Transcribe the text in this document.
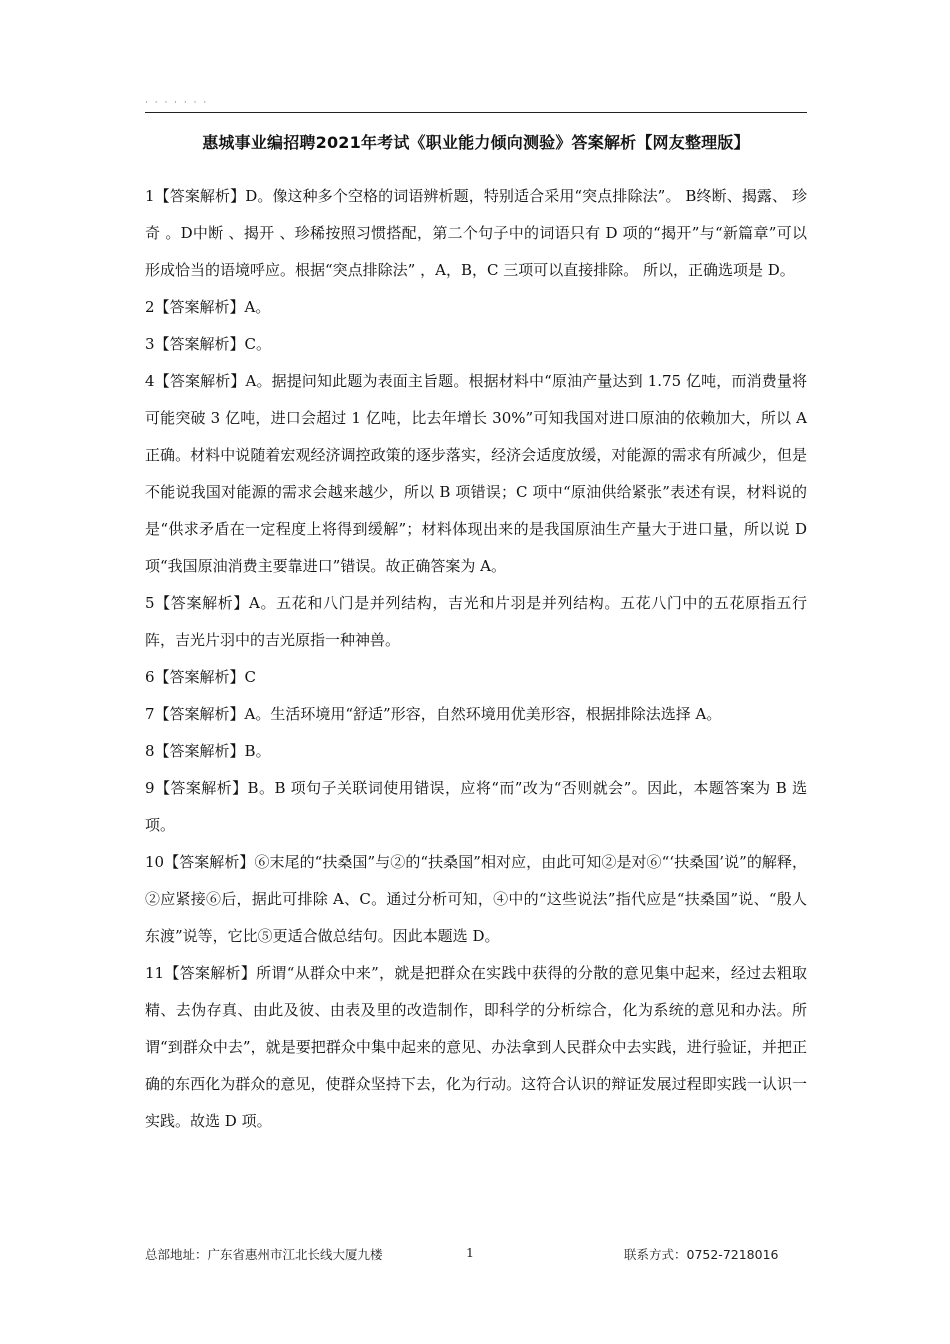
· · · · · · ·
惠城事业编招聘2021年考试《职业能力倾向测验》答案解析【网友整理版】

1【答案解析】D。像这种多个空格的词语辨析题，特别适合采用“突点排除法”。 B终断、揭露、 珍奇 。D中断 、揭开 、珍稀按照习惯搭配，第二个句子中的词语只有 D 项的“揭开”与“新篇章”可以形成恰当的语境呼应。根据“突点排除法” ，A，B，C 三项可以直接排除。 所以，正确选项是 D。

2【答案解析】A。

3【答案解析】C。

4【答案解析】A。据提问知此题为表面主旨题。根据材料中“原油产量达到 1.75 亿吨，而消费量将可能突破 3 亿吨，进口会超过 1 亿吨，比去年增长 30%”可知我国对进口原油的依赖加大，所以 A 正确。材料中说随着宏观经济调控政策的逐步落实，经济会适度放缓，对能源的需求有所减少，但是不能说我国对能源的需求会越来越少，所以 B 项错误；C 项中“原油供给紧张”表述有误，材料说的是“供求矛盾在一定程度上将得到缓解”；材料体现出来的是我国原油生产量大于进口量，所以说 D 项“我国原油消费主要靠进口”错误。故正确答案为 A。

5【答案解析】A。五花和八门是并列结构，吉光和片羽是并列结构。五花八门中的五花原指五行阵，吉光片羽中的吉光原指一种神兽。

6【答案解析】C

7【答案解析】A。生活环境用“舒适”形容，自然环境用优美形容，根据排除法选择 A。

8【答案解析】B。

9【答案解析】B。B 项句子关联词使用错误，应将“而”改为“否则就会”。因此，本题答案为 B 选项。

10【答案解析】⑥末尾的“扶桑国”与②的“扶桑国”相对应，由此可知②是对⑥“‘扶桑国’说”的解释，②应紧接⑥后，据此可排除 A、C。通过分析可知，④中的“这些说法”指代应是“扶桑国”说、“殷人东渡”说等，它比⑤更适合做总结句。因此本题选 D。

11【答案解析】所谓“从群众中来”，就是把群众在实践中获得的分散的意见集中起来，经过去粗取精、去伪存真、由此及彼、由表及里的改造制作，即科学的分析综合，化为系统的意见和办法。所谓“到群众中去”，就是要把群众中集中起来的意见、办法拿到人民群众中去实践，进行验证，并把正确的东西化为群众的意见，使群众坚持下去，化为行动。这符合认识的辩证发展过程即实践一认识一实践。故选 D 项。

总部地址：广东省惠州市江北长线大厦九楼	1	联系方式：0752-7218016
